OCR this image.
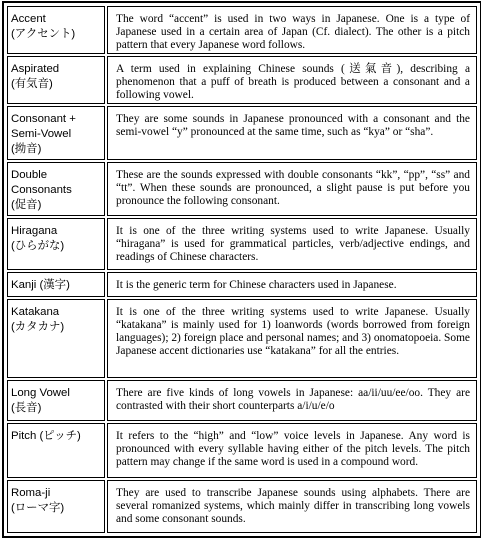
Accent
(アクセント)	The word “accent” is used in two ways in Japanese. One is a type of Japanese used in a certain area of Japan (Cf. dialect). The other is a pitch pattern that every Japanese word follows.

Aspirated
(有気音)	A term used in explaining Chinese sounds (送氣音), describing a phenomenon that a puff of breath is produced between a consonant and a following vowel.

Consonant + Semi-Vowel
(拗音)	They are some sounds in Japanese pronounced with a consonant and the semi-vowel “y” pronounced at the same time, such as “kya” or “sha”.

Double Consonants
(促音)	These are the sounds expressed with double consonants “kk”, “pp”, “ss” and “tt”. When these sounds are pronounced, a slight pause is put before you pronounce the following consonant.

Hiragana
(ひらがな)	It is one of the three writing systems used to write Japanese. Usually “hiragana” is used for grammatical particles, verb/adjective endings, and readings of Chinese characters.

Kanji (漢字)	It is the generic term for Chinese characters used in Japanese.

Katakana
(カタカナ)	It is one of the three writing systems used to write Japanese. Usually “katakana” is mainly used for 1) loanwords (words borrowed from foreign languages); 2) foreign place and personal names; and 3) onomatopoeia. Some Japanese accent dictionaries use “katakana” for all the entries.

Long Vowel
(長音)	There are five kinds of long vowels in Japanese: aa/ii/uu/ee/oo. They are contrasted with their short counterparts a/i/u/e/o

Pitch (ピッチ)	It refers to the “high” and “low” voice levels in Japanese. Any word is pronounced with every syllable having either of the pitch levels. The pitch pattern may change if the same word is used in a compound word.

Roma-ji
(ローマ字)	They are used to transcribe Japanese sounds using alphabets. There are several romanized systems, which mainly differ in transcribing long vowels and some consonant sounds.
